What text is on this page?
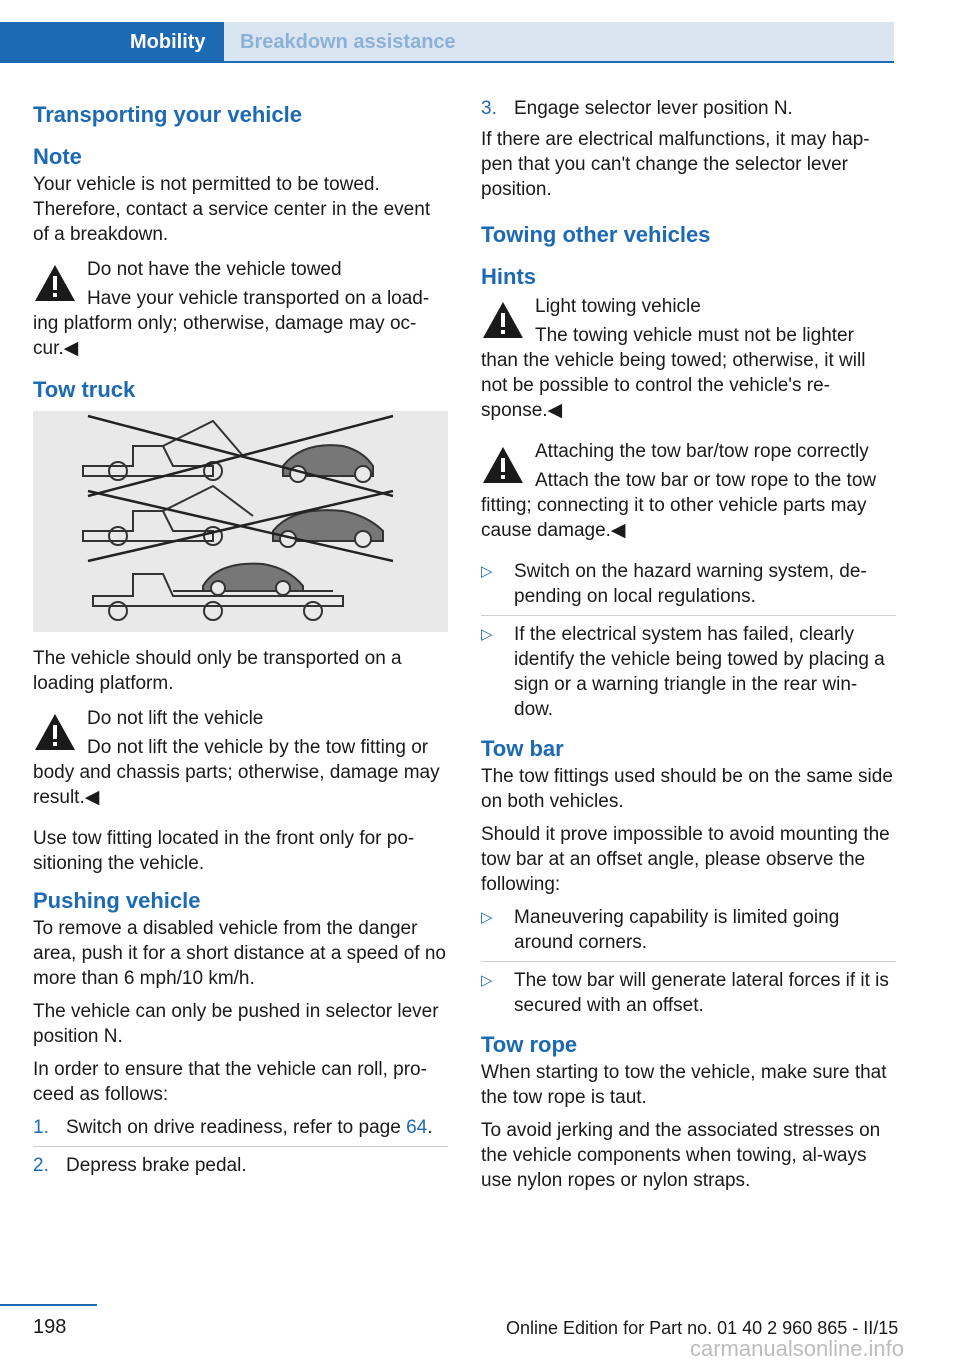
Mobility	Breakdown assistance
Transporting your vehicle
Note

Your vehicle is not permitted to be towed. Therefore, contact a service center in the event of a breakdown.

Do not have the vehicle towed

Have your vehicle transported on a load‐ing platform only; otherwise, damage may oc‐cur.◀

Tow truck

The vehicle should only be transported on a loading platform.

Do not lift the vehicle

Do not lift the vehicle by the tow fitting or body and chassis parts; otherwise, damage may result.◀

Use tow fitting located in the front only for po‐sitioning the vehicle.

Pushing vehicle

To remove a disabled vehicle from the danger area, push it for a short distance at a speed of no more than 6 mph/10 km/h.

The vehicle can only be pushed in selector lever position N.

In order to ensure that the vehicle can roll, pro‐ceed as follows:

1. Switch on drive readiness, refer to page 64.
2. Depress brake pedal.
3. Engage selector lever position N.

If there are electrical malfunctions, it may hap‐pen that you can't change the selector lever position.

Towing other vehicles
Hints

Light towing vehicle

The towing vehicle must not be lighter than the vehicle being towed; otherwise, it will not be possible to control the vehicle's re‐sponse.◀

Attaching the tow bar/tow rope correctly

Attach the tow bar or tow rope to the tow fitting; connecting it to other vehicle parts may cause damage.◀

▷ Switch on the hazard warning system, de‐pending on local regulations.
▷ If the electrical system has failed, clearly identify the vehicle being towed by placing a sign or a warning triangle in the rear win‐dow.
Tow bar

The tow fittings used should be on the same side on both vehicles.

Should it prove impossible to avoid mounting the tow bar at an offset angle, please observe the following:

▷ Maneuvering capability is limited going around corners.
▷ The tow bar will generate lateral forces if it is secured with an offset.
Tow rope

When starting to tow the vehicle, make sure that the tow rope is taut.

To avoid jerking and the associated stresses on the vehicle components when towing, al‐ways use nylon ropes or nylon straps.

198	Online Edition for Part no. 01 40 2 960 865 - II/15
carmanualsonline.info
